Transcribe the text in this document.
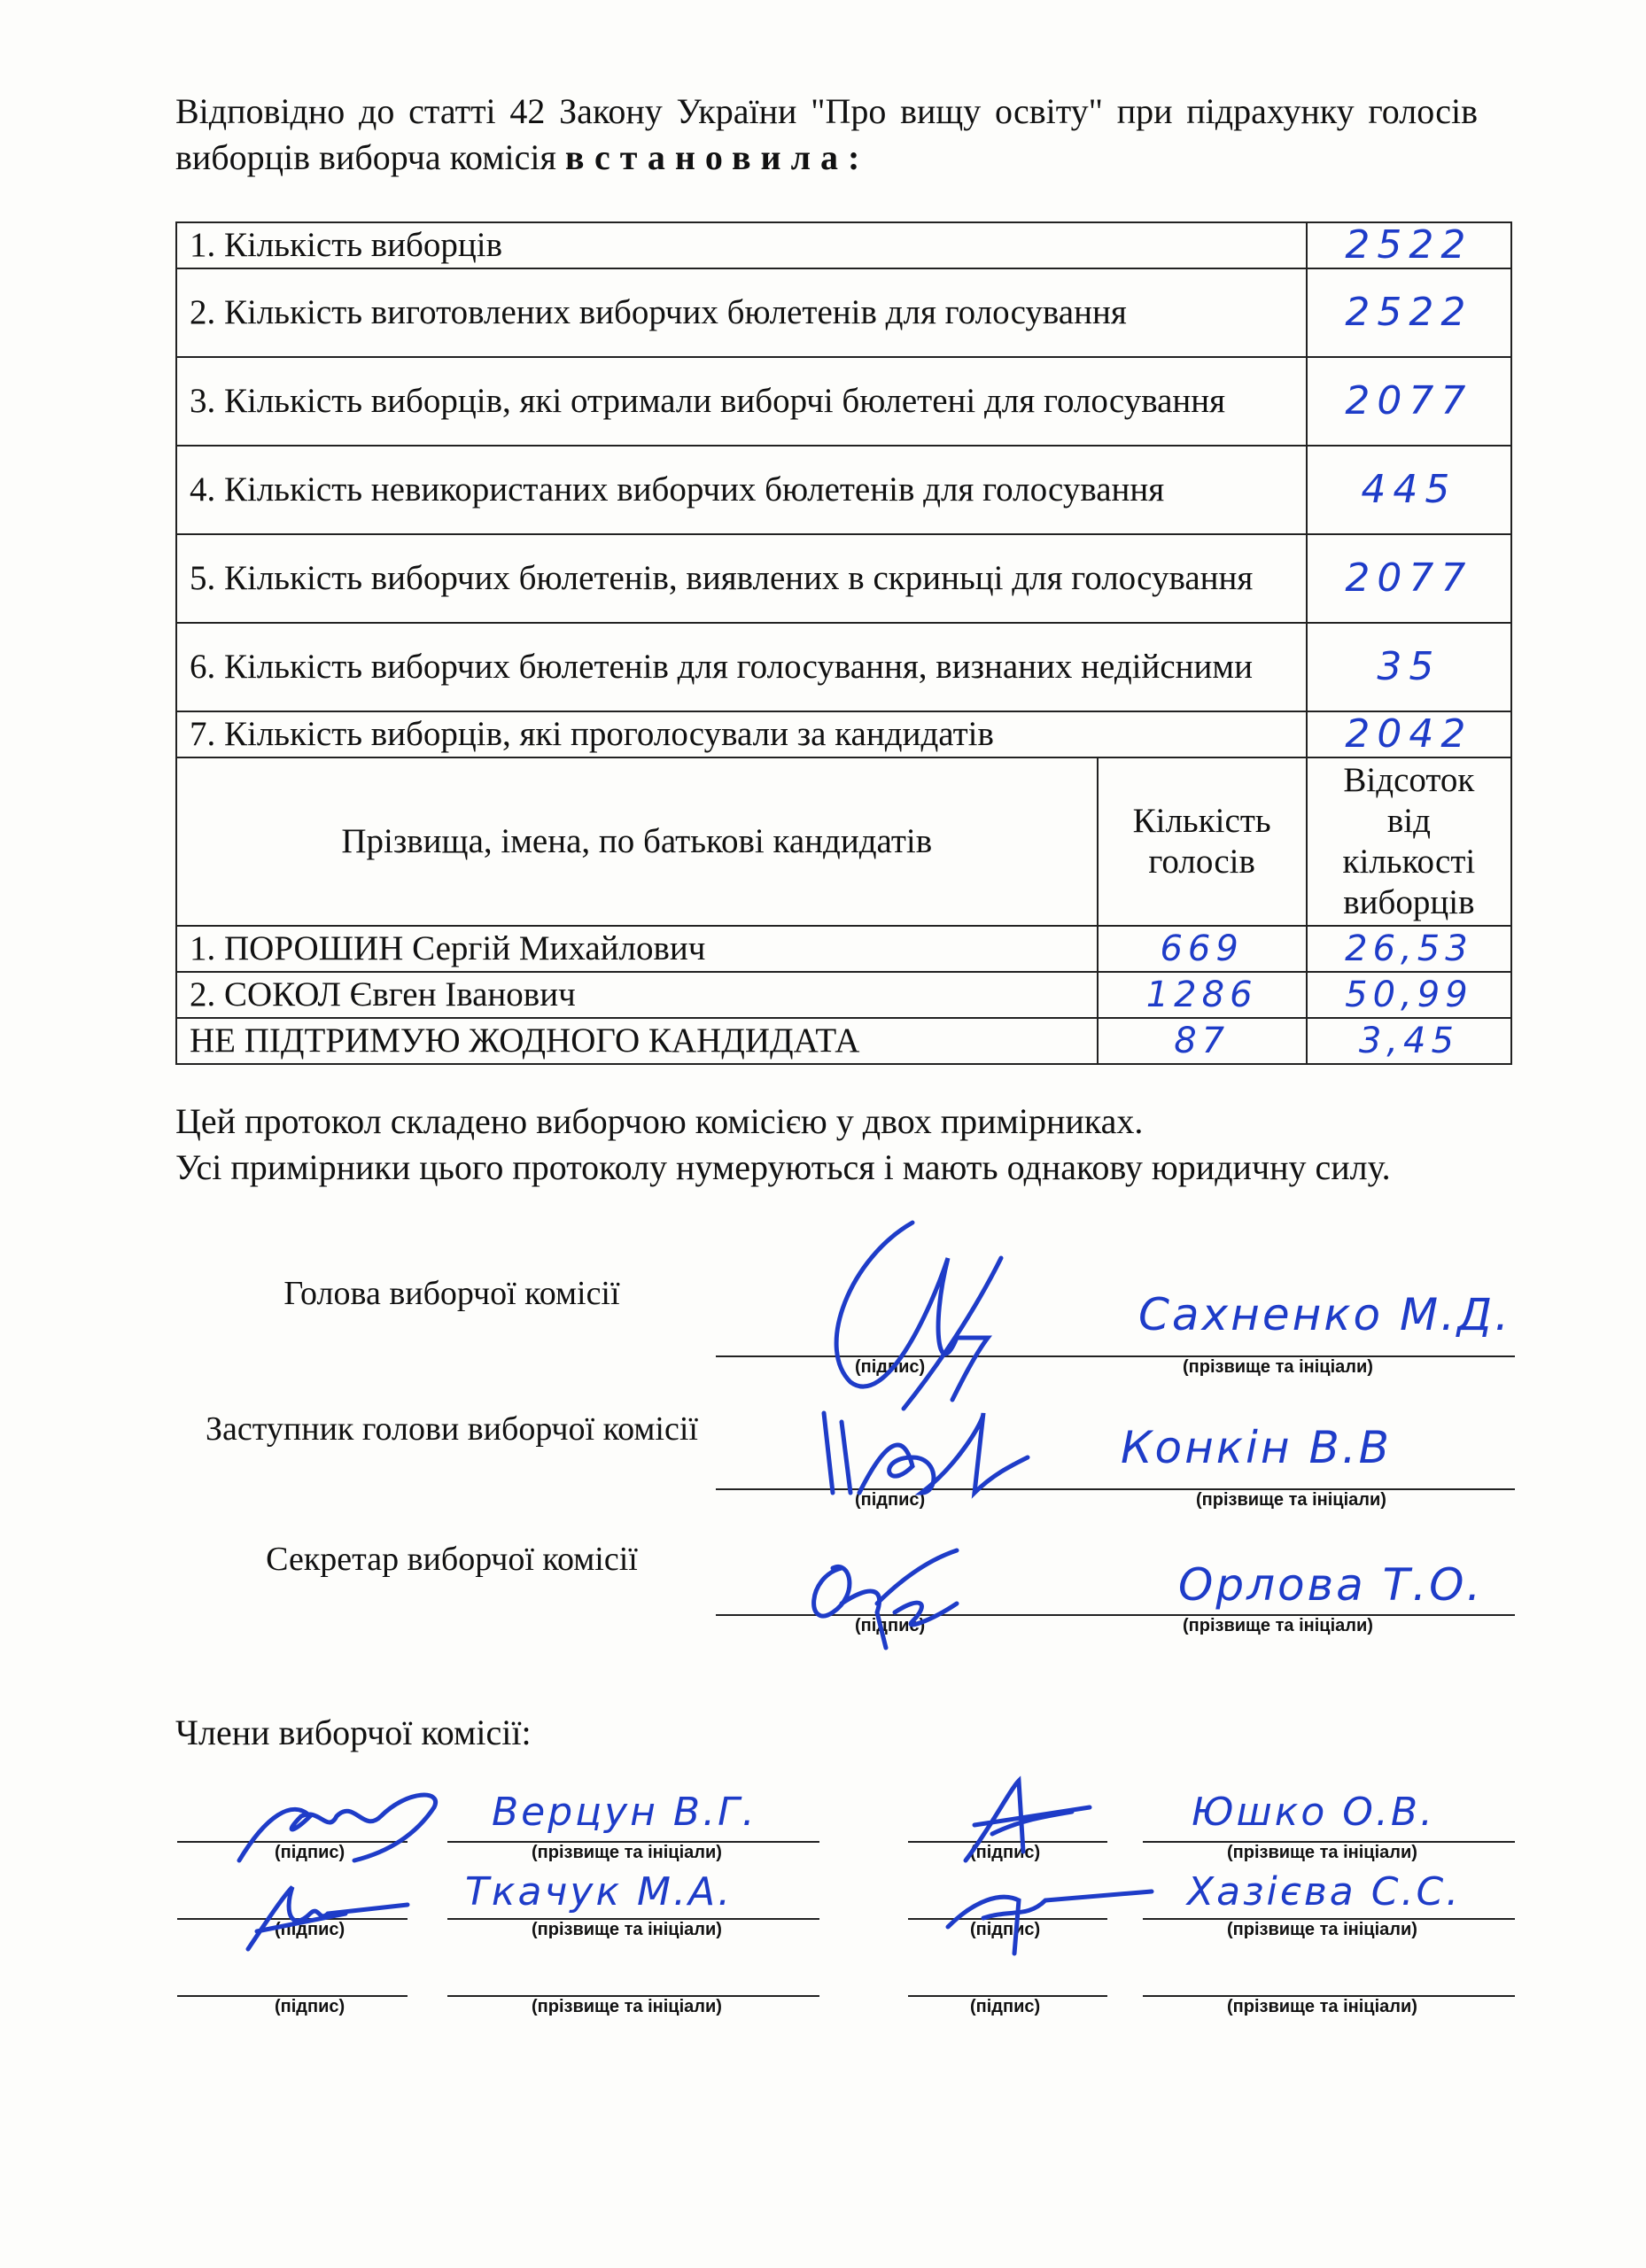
Відповідно до статті 42 Закону України "Про вищу освіту" при підрахунку голосів виборців виборча комісія встановила:
1. Кількість виборців		2522
2. Кількість виготовлених виборчих бюлетенів для голосування		2522
3. Кількість виборців, які отримали виборчі бюлетені для голосування		2077
4. Кількість невикористаних виборчих бюлетенів для голосування		445
5. Кількість виборчих бюлетенів, виявлених в скриньці для голосування		2077
6. Кількість виборчих бюлетенів для голосування, визнаних недійсними		35
7. Кількість виборців, які проголосували за кандидатів		2042
Прізвища, імена, по батькові кандидатів	Кількість голосів	Відсоток від кількості виборців
1. ПОРОШИН Сергій Михайлович	669	26,53
2. СОКОЛ Євген Іванович	1286	50,99
НЕ ПІДТРИМУЮ ЖОДНОГО КАНДИДАТА	87	3,45
Цей протокол складено виборчою комісією у двох примірниках.
Усі примірники цього протоколу нумеруються і мають однакову юридичну силу.
Голова виборчої комісії
(підпис)	(прізвище та ініціали)
Сахненко М.Д.
Заступник голови виборчої комісії
(підпис)	(прізвище та ініціали)
Конкін В.В
Секретар виборчої комісії
(підпис)	(прізвище та ініціали)
Орлова Т.О.
Члени виборчої комісії:
(підпис)	(прізвище та ініціали)
Верцун В.Г.
(підпис)	(прізвище та ініціали)
Юшко О.В.
(підпис)	(прізвище та ініціали)
Ткачук М.А.
(підпис)	(прізвище та ініціали)
Хазієва С.С.
(підпис)	(прізвище та ініціали)	(підпис)	(прізвище та ініціали)
